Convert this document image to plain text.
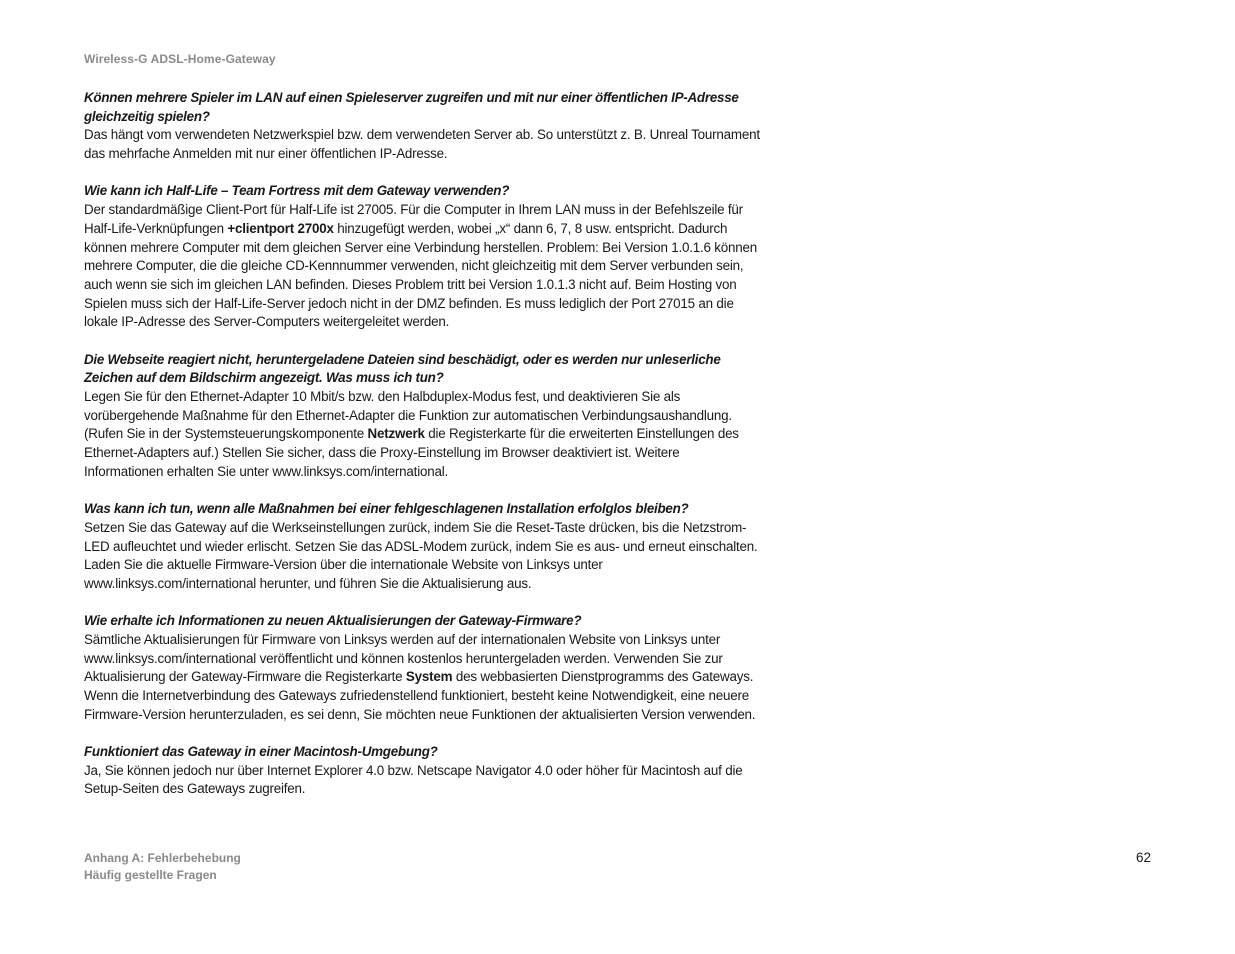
Wireless-G ADSL-Home-Gateway

Können mehrere Spieler im LAN auf einen Spieleserver zugreifen und mit nur einer öffentlichen IP-Adresse gleichzeitig spielen?

Das hängt vom verwendeten Netzwerkspiel bzw. dem verwendeten Server ab. So unterstützt z. B. Unreal Tournament das mehrfache Anmelden mit nur einer öffentlichen IP-Adresse.

Wie kann ich Half-Life – Team Fortress mit dem Gateway verwenden?

Der standardmäßige Client-Port für Half-Life ist 27005. Für die Computer in Ihrem LAN muss in der Befehlszeile für Half-Life-Verknüpfungen +clientport 2700x hinzugefügt werden, wobei „x“ dann 6, 7, 8 usw. entspricht. Dadurch können mehrere Computer mit dem gleichen Server eine Verbindung herstellen. Problem: Bei Version 1.0.1.6 können mehrere Computer, die die gleiche CD-Kennnummer verwenden, nicht gleichzeitig mit dem Server verbunden sein, auch wenn sie sich im gleichen LAN befinden. Dieses Problem tritt bei Version 1.0.1.3 nicht auf. Beim Hosting von Spielen muss sich der Half-Life-Server jedoch nicht in der DMZ befinden. Es muss lediglich der Port 27015 an die lokale IP-Adresse des Server-Computers weitergeleitet werden.

Die Webseite reagiert nicht, heruntergeladene Dateien sind beschädigt, oder es werden nur unleserliche Zeichen auf dem Bildschirm angezeigt. Was muss ich tun?

Legen Sie für den Ethernet-Adapter 10 Mbit/s bzw. den Halbduplex-Modus fest, und deaktivieren Sie als vorübergehende Maßnahme für den Ethernet-Adapter die Funktion zur automatischen Verbindungsaushandlung. (Rufen Sie in der Systemsteuerungskomponente Netzwerk die Registerkarte für die erweiterten Einstellungen des Ethernet-Adapters auf.) Stellen Sie sicher, dass die Proxy-Einstellung im Browser deaktiviert ist. Weitere Informationen erhalten Sie unter www.linksys.com/international.

Was kann ich tun, wenn alle Maßnahmen bei einer fehlgeschlagenen Installation erfolglos bleiben?

Setzen Sie das Gateway auf die Werkseinstellungen zurück, indem Sie die Reset-Taste drücken, bis die Netzstrom-LED aufleuchtet und wieder erlischt. Setzen Sie das ADSL-Modem zurück, indem Sie es aus- und erneut einschalten. Laden Sie die aktuelle Firmware-Version über die internationale Website von Linksys unter www.linksys.com/international herunter, und führen Sie die Aktualisierung aus.

Wie erhalte ich Informationen zu neuen Aktualisierungen der Gateway-Firmware?

Sämtliche Aktualisierungen für Firmware von Linksys werden auf der internationalen Website von Linksys unter www.linksys.com/international veröffentlicht und können kostenlos heruntergeladen werden. Verwenden Sie zur Aktualisierung der Gateway-Firmware die Registerkarte System des webbasierten Dienstprogramms des Gateways. Wenn die Internetverbindung des Gateways zufriedenstellend funktioniert, besteht keine Notwendigkeit, eine neuere Firmware-Version herunterzuladen, es sei denn, Sie möchten neue Funktionen der aktualisierten Version verwenden.

Funktioniert das Gateway in einer Macintosh-Umgebung?

Ja, Sie können jedoch nur über Internet Explorer 4.0 bzw. Netscape Navigator 4.0 oder höher für Macintosh auf die Setup-Seiten des Gateways zugreifen.

Anhang A: Fehlerbehebung
Häufig gestellte Fragen
62
